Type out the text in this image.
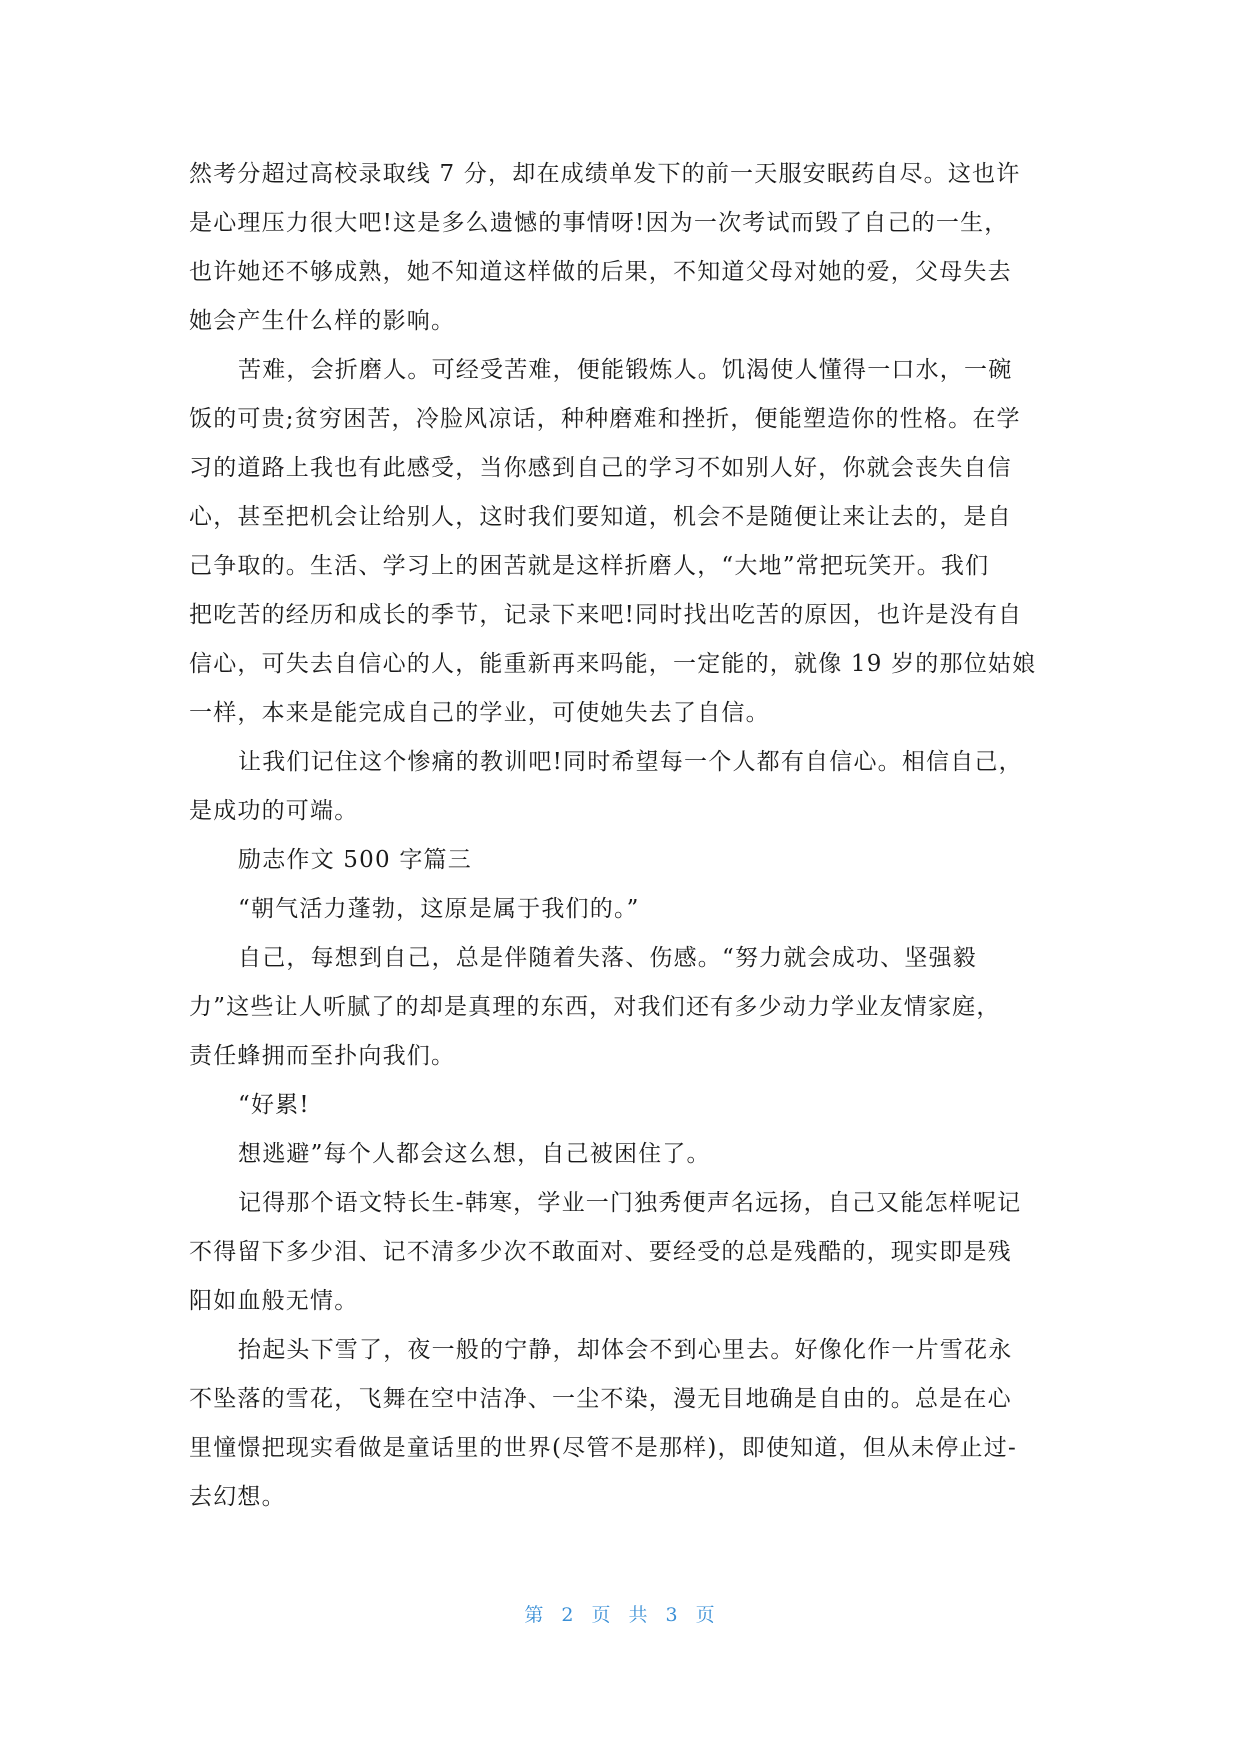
然考分超过高校录取线 7 分，却在成绩单发下的前一天服安眠药自尽。这也许
是心理压力很大吧!这是多么遗憾的事情呀!因为一次考试而毁了自己的一生，
也许她还不够成熟，她不知道这样做的后果，不知道父母对她的爱，父母失去
她会产生什么样的影响。

苦难，会折磨人。可经受苦难，便能锻炼人。饥渴使人懂得一口水，一碗
饭的可贵;贫穷困苦，冷脸风凉话，种种磨难和挫折，便能塑造你的性格。在学
习的道路上我也有此感受，当你感到自己的学习不如别人好，你就会丧失自信
心，甚至把机会让给别人，这时我们要知道，机会不是随便让来让去的，是自
己争取的。生活、学习上的困苦就是这样折磨人，“大地”常把玩笑开。我们
把吃苦的经历和成长的季节，记录下来吧!同时找出吃苦的原因，也许是没有自
信心，可失去自信心的人，能重新再来吗能，一定能的，就像 19 岁的那位姑娘
一样，本来是能完成自己的学业，可使她失去了自信。

让我们记住这个惨痛的教训吧!同时希望每一个人都有自信心。相信自己，
是成功的可端。

励志作文 500 字篇三

“朝气活力蓬勃，这原是属于我们的。”

自己，每想到自己，总是伴随着失落、伤感。“努力就会成功、坚强毅
力”这些让人听腻了的却是真理的东西，对我们还有多少动力学业友情家庭，
责任蜂拥而至扑向我们。

“好累!

想逃避”每个人都会这么想，自己被困住了。

记得那个语文特长生-韩寒，学业一门独秀便声名远扬，自己又能怎样呢记
不得留下多少泪、记不清多少次不敢面对、要经受的总是残酷的，现实即是残
阳如血般无情。

抬起头下雪了，夜一般的宁静，却体会不到心里去。好像化作一片雪花永
不坠落的雪花，飞舞在空中洁净、一尘不染，漫无目地确是自由的。总是在心
里憧憬把现实看做是童话里的世界(尽管不是那样)，即使知道，但从未停止过-
去幻想。

第 2 页 共 3 页
